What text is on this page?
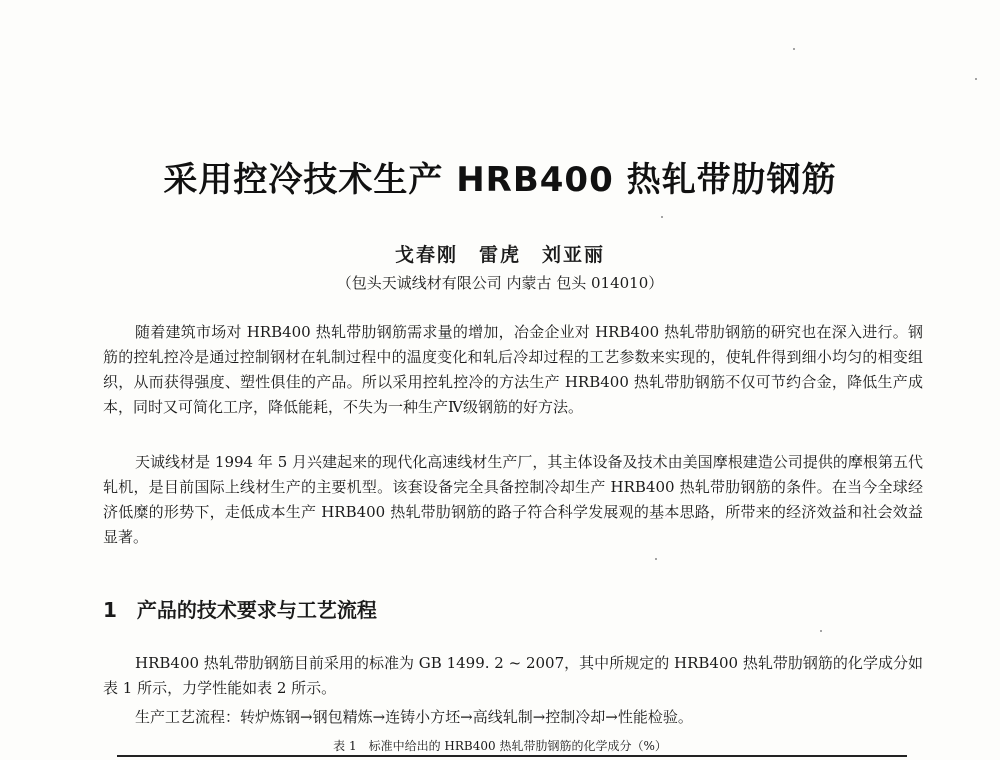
采用控冷技术生产 HRB400 热轧带肋钢筋
戈春刚　雷虎　刘亚丽
（包头天诚线材有限公司 内蒙古 包头 014010）

随着建筑市场对 HRB400 热轧带肋钢筋需求量的增加，冶金企业对 HRB400 热轧带肋钢筋的研究也在深入进行。钢筋的控轧控冷是通过控制钢材在轧制过程中的温度变化和轧后冷却过程的工艺参数来实现的，使轧件得到细小均匀的相变组织，从而获得强度、塑性俱佳的产品。所以采用控轧控冷的方法生产 HRB400 热轧带肋钢筋不仅可节约合金，降低生产成本，同时又可简化工序，降低能耗，不失为一种生产Ⅳ级钢筋的好方法。

天诚线材是 1994 年 5 月兴建起来的现代化高速线材生产厂，其主体设备及技术由美国摩根建造公司提供的摩根第五代轧机，是目前国际上线材生产的主要机型。该套设备完全具备控制冷却生产 HRB400 热轧带肋钢筋的条件。在当今全球经济低糜的形势下，走低成本生产 HRB400 热轧带肋钢筋的路子符合科学发展观的基本思路，所带来的经济效益和社会效益显著。

1 产品的技术要求与工艺流程

HRB400 热轧带肋钢筋目前采用的标准为 GB 1499. 2 ~ 2007，其中所规定的 HRB400 热轧带肋钢筋的化学成分如表 1 所示，力学性能如表 2 所示。

生产工艺流程：转炉炼钢→钢包精炼→连铸小方坯→高线轧制→控制冷却→性能检验。

表 1　标准中给出的 HRB400 热轧带肋钢筋的化学成分（%）
